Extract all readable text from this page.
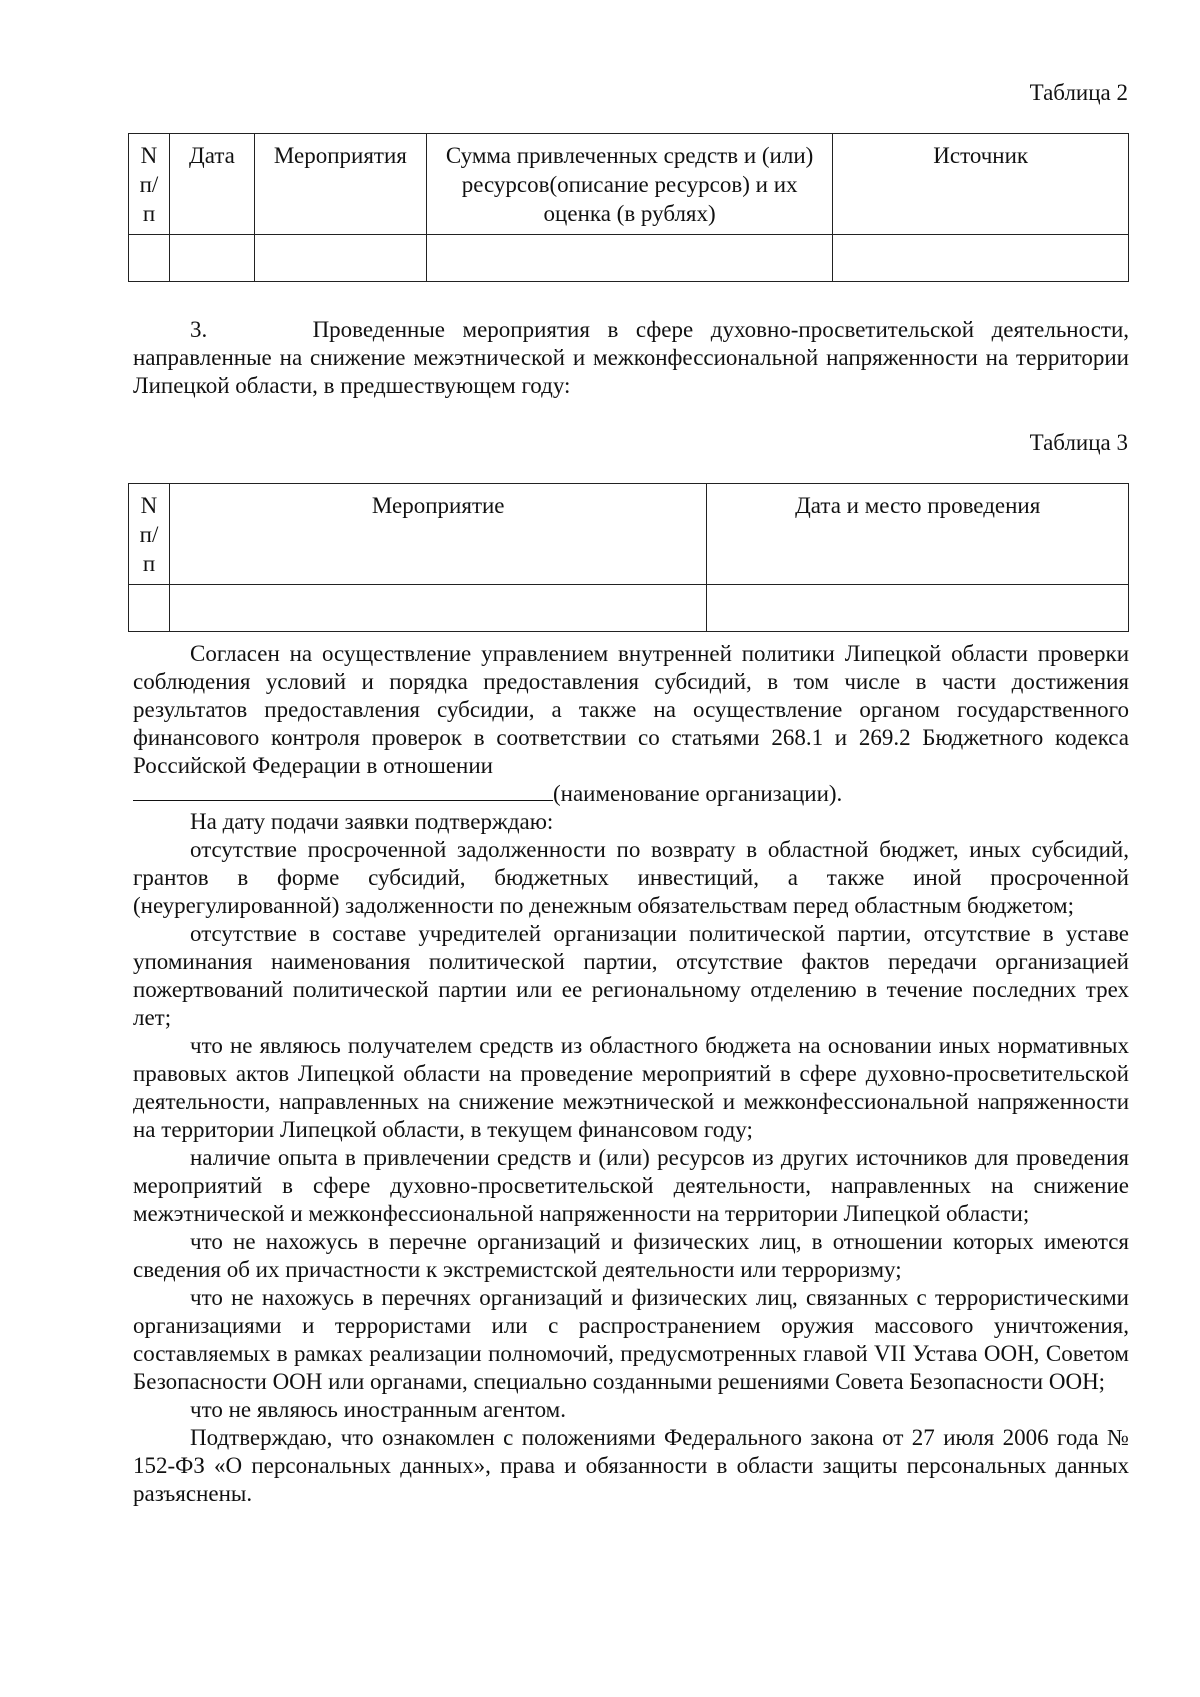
Таблица 2
N п/п	Дата	Мероприятия	Сумма привлеченных средств и (или) ресурсов(описание ресурсов) и их оценка (в рублях)	Источник

3.	Проведенные мероприятия в сфере духовно-просветительской деятельности, направленные на снижение межэтнической и межконфессиональной напряженности на территории Липецкой области, в предшествующем году:

Таблица 3
N п/п	Мероприятие	Дата и место проведения

Согласен на осуществление управлением внутренней политики Липецкой области проверки соблюдения условий и порядка предоставления субсидий, в том числе в части достижения результатов предоставления субсидии, а также на осуществление органом государственного финансового контроля проверок в соответствии со статьями 268.1 и 269.2 Бюджетного кодекса Российской Федерации в отношении

(наименование организации).

На дату подачи заявки подтверждаю:

отсутствие просроченной задолженности по возврату в областной бюджет, иных субсидий, грантов в форме субсидий, бюджетных инвестиций, а также иной просроченной (неурегулированной) задолженности по денежным обязательствам перед областным бюджетом;

отсутствие в составе учредителей организации политической партии, отсутствие в уставе упоминания наименования политической партии, отсутствие фактов передачи организацией пожертвований политической партии или ее региональному отделению в течение последних трех лет;

что не являюсь получателем средств из областного бюджета на основании иных нормативных правовых актов Липецкой области на проведение мероприятий в сфере духовно-просветительской деятельности, направленных на снижение межэтнической и межконфессиональной напряженности на территории Липецкой области, в текущем финансовом году;

наличие опыта в привлечении средств и (или) ресурсов из других источников для проведения мероприятий в сфере духовно-просветительской деятельности, направленных на снижение межэтнической и межконфессиональной напряженности на территории Липецкой области;

что не нахожусь в перечне организаций и физических лиц, в отношении которых имеются сведения об их причастности к экстремистской деятельности или терроризму;

что не нахожусь в перечнях организаций и физических лиц, связанных с террористическими организациями и террористами или с распространением оружия массового уничтожения, составляемых в рамках реализации полномочий, предусмотренных главой VII Устава ООН, Советом Безопасности ООН или органами, специально созданными решениями Совета Безопасности ООН;

что не являюсь иностранным агентом.

Подтверждаю, что ознакомлен с положениями Федерального закона от 27 июля 2006 года № 152-ФЗ «О персональных данных», права и обязанности в области защиты персональных данных разъяснены.
